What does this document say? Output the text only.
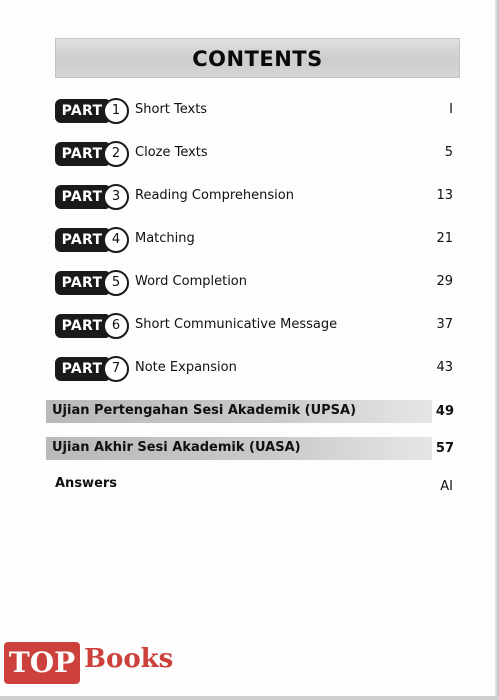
CONTENTS
PART 1	Short Texts	I
PART 2	Cloze Texts	5
PART 3	Reading Comprehension	13
PART 4	Matching	21
PART 5	Word Completion	29
PART 6	Short Communicative Message	37
PART 7	Note Expansion	43
Ujian Pertengahan Sesi Akademik (UPSA)	49
Ujian Akhir Sesi Akademik (UASA)	57
Answers	AI
TOP Books
